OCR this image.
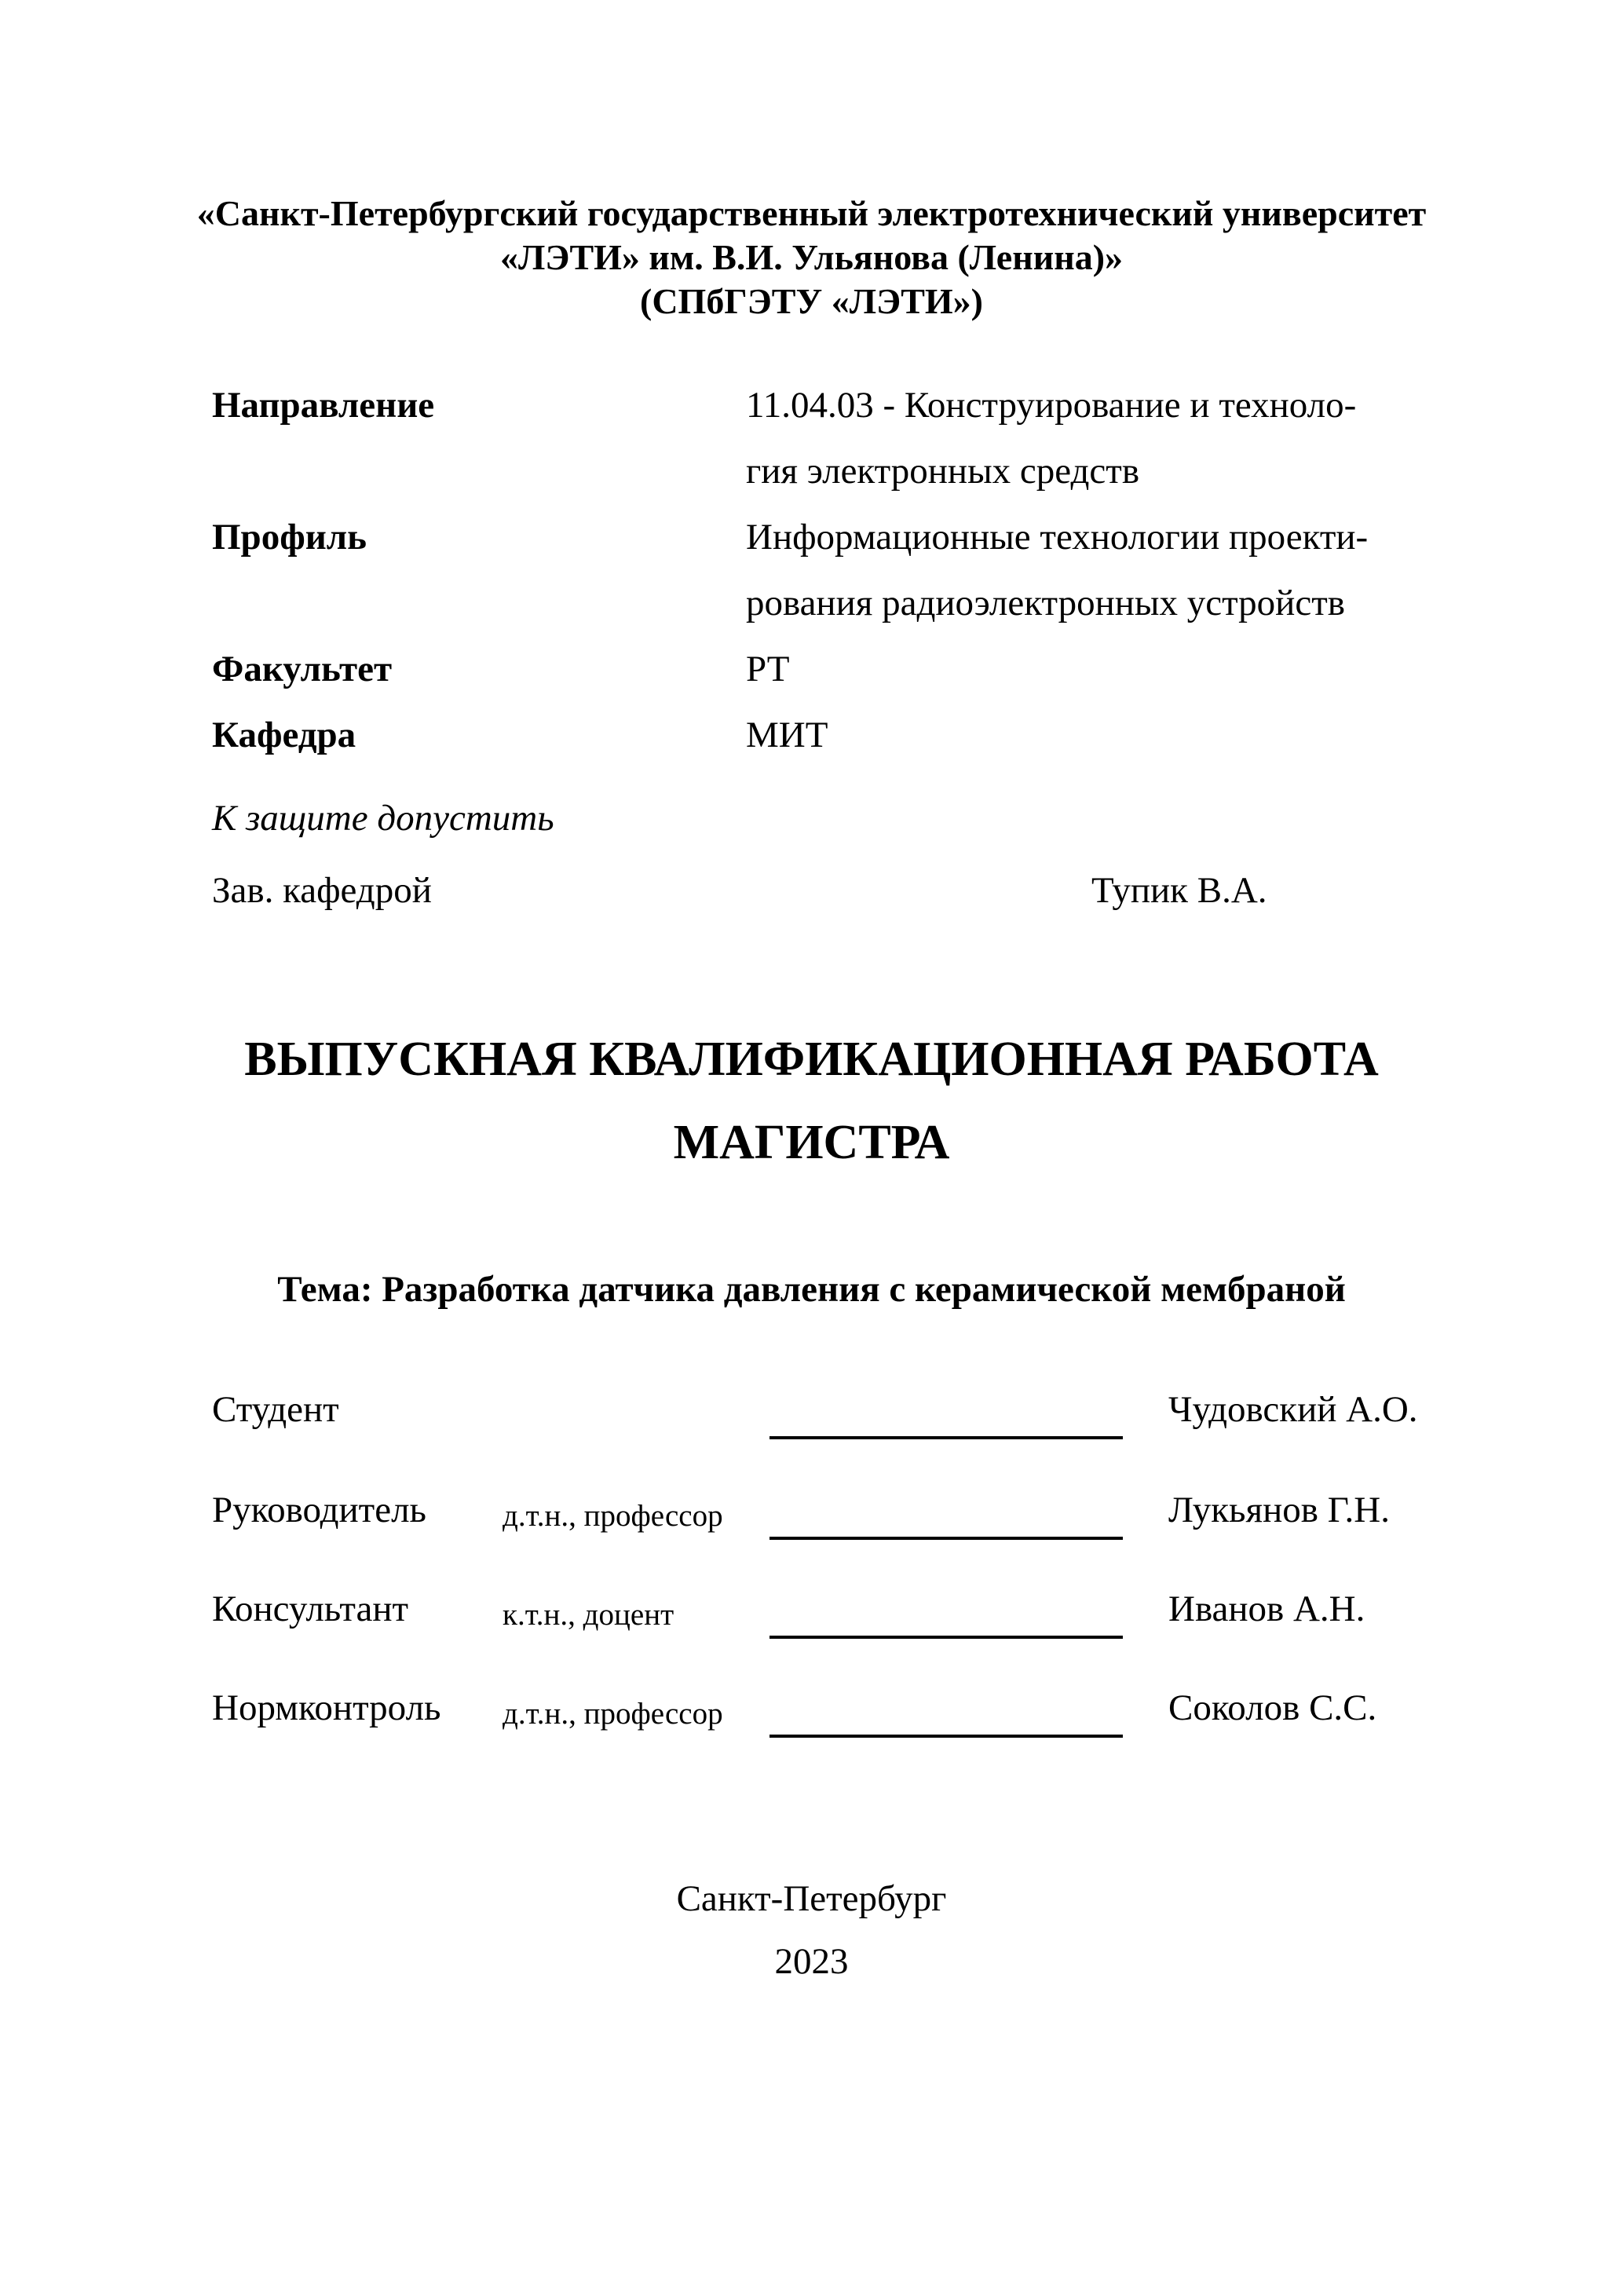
«Санкт-Петербургский государственный электротехнический университет
«ЛЭТИ» им. В.И. Ульянова (Ленина)»
(СПбГЭТУ «ЛЭТИ»)
Направление	11.04.03 - Конструирование и техноло-
гия электронных средств
Профиль	Информационные технологии проекти-
рования радиоэлектронных устройств
Факультет	РТ
Кафедра	МИТ
К защите допустить
Зав. кафедрой	Тупик В.А.
ВЫПУСКНАЯ КВАЛИФИКАЦИОННАЯ РАБОТА
МАГИСТРА
Тема: Разработка датчика давления с керамической мембраной
Студент	Чудовский А.О.
Руководитель д.т.н., профессор	Лукьянов Г.Н.
Консультант	к.т.н., доцент	Иванов А.Н.
Нормконтроль д.т.н., профессор	Соколов С.С.
Санкт-Петербург
2023
